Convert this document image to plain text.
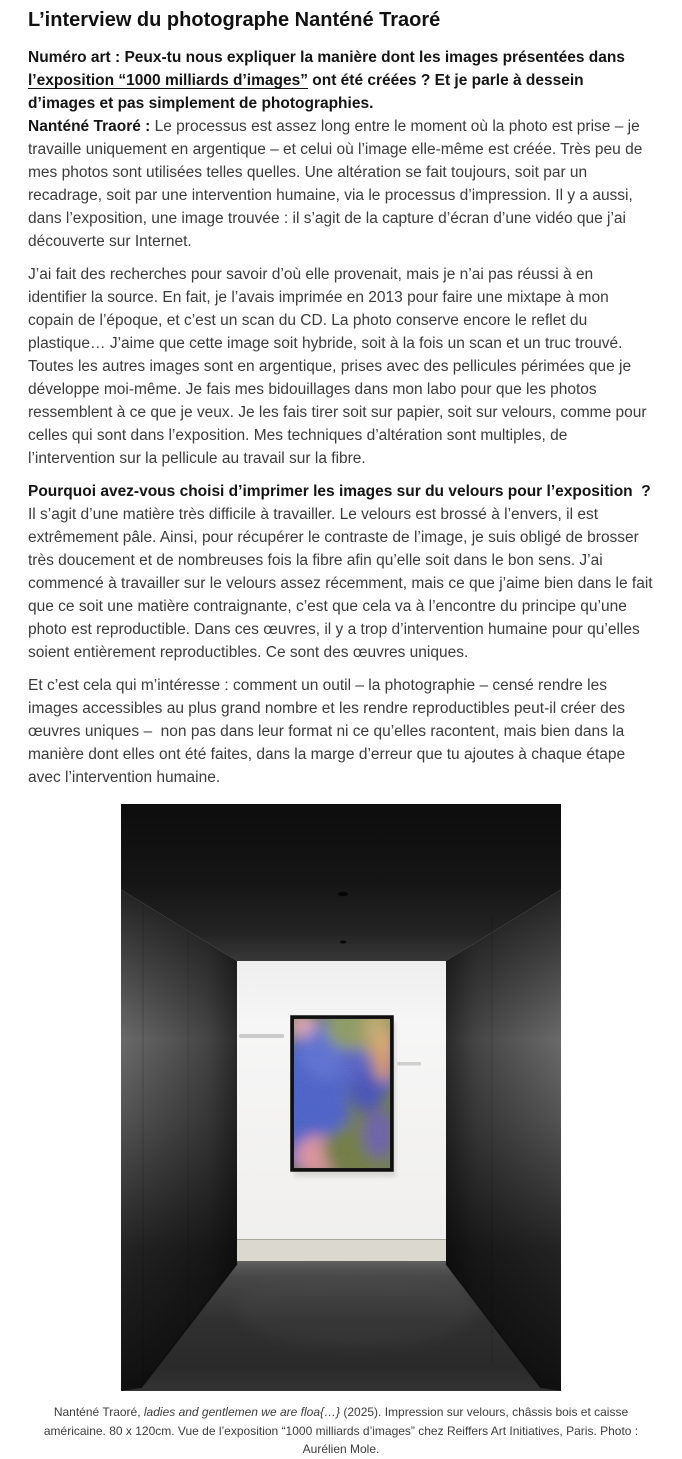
L’interview du photographe Nanténé Traoré

Numéro art : Peux-tu nous expliquer la manière dont les images présentées dans l’exposition “1000 milliards d’images” ont été créées ? Et je parle à dessein d’images et pas simplement de photographies.

Nanténé Traoré : Le processus est assez long entre le moment où la photo est prise – je travaille uniquement en argentique – et celui où l’image elle-même est créée. Très peu de mes photos sont utilisées telles quelles. Une altération se fait toujours, soit par un recadrage, soit par une intervention humaine, via le processus d’impression. Il y a aussi, dans l’exposition, une image trouvée : il s’agit de la capture d’écran d’une vidéo que j’ai découverte sur Internet.

J’ai fait des recherches pour savoir d’où elle provenait, mais je n’ai pas réussi à en identifier la source. En fait, je l’avais imprimée en 2013 pour faire une mixtape à mon copain de l’époque, et c’est un scan du CD. La photo conserve encore le reflet du plastique… J’aime que cette image soit hybride, soit à la fois un scan et un truc trouvé. Toutes les autres images sont en argentique, prises avec des pellicules périmées que je développe moi-même. Je fais mes bidouillages dans mon labo pour que les photos ressemblent à ce que je veux. Je les fais tirer soit sur papier, soit sur velours, comme pour celles qui sont dans l’exposition. Mes techniques d’altération sont multiples, de l’intervention sur la pellicule au travail sur la fibre.

Pourquoi avez-vous choisi d’imprimer les images sur du velours pour l’exposition  ?

Il s’agit d’une matière très difficile à travailler. Le velours est brossé à l’envers, il est extrêmement pâle. Ainsi, pour récupérer le contraste de l’image, je suis obligé de brosser très doucement et de nombreuses fois la fibre afin qu’elle soit dans le bon sens. J’ai commencé à travailler sur le velours assez récemment, mais ce que j’aime bien dans le fait que ce soit une matière contraignante, c’est que cela va à l’encontre du principe qu’une photo est reproductible. Dans ces œuvres, il y a trop d’intervention humaine pour qu’elles soient entièrement reproductibles. Ce sont des œuvres uniques.

Et c’est cela qui m’intéresse : comment un outil – la photographie – censé rendre les images accessibles au plus grand nombre et les rendre reproductibles peut-il créer des œuvres uniques –  non pas dans leur format ni ce qu’elles racontent, mais bien dans la manière dont elles ont été faites, dans la marge d’erreur que tu ajoutes à chaque étape avec l’intervention humaine.

Nanténé Traoré, ladies and gentlemen we are floa{…} (2025). Impression sur velours, châssis bois et caisse américaine. 80 x 120cm. Vue de l’exposition “1000 milliards d’images” chez Reiffers Art Initiatives, Paris. Photo : Aurélien Mole.
